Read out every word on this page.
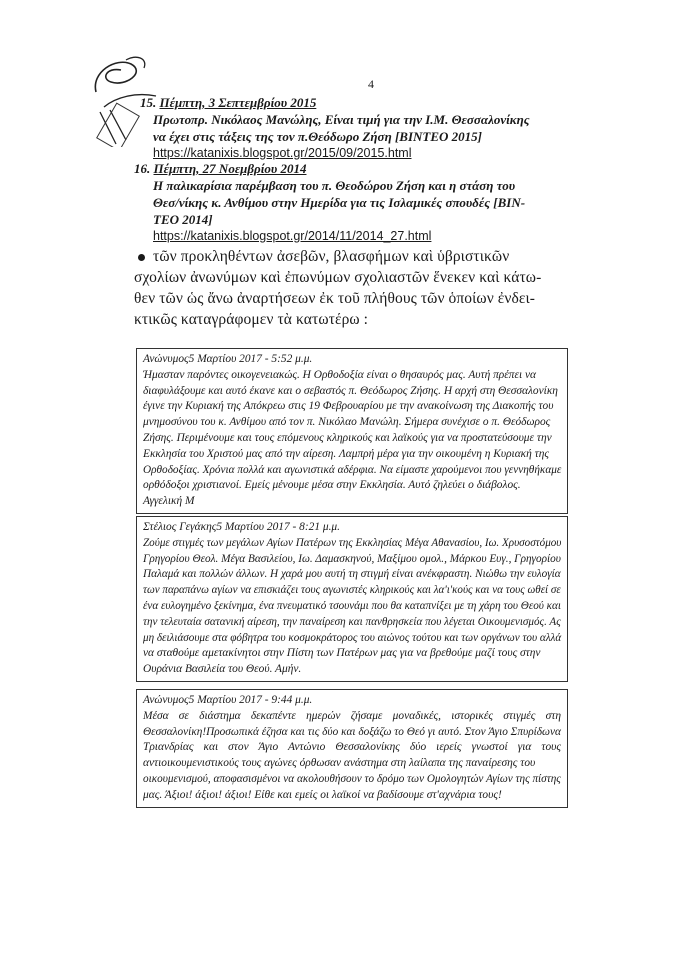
4
15. Πέμπτη, 3 Σεπτεμβρίου 2015
Πρωτοπρ. Νικόλαος Μανώλης, Είναι τιμή για την Ι.Μ. Θεσσαλονίκης
να έχει στις τάξεις της τον π.Θεόδωρο Ζήση [ΒΙΝΤΕΟ 2015]
https://katanixis.blogspot.gr/2015/09/2015.html
16. Πέμπτη, 27 Νοεμβρίου 2014
Η παλικαρίσια παρέμβαση του π. Θεοδώρου Ζήση και η στάση του
Θεσ/νίκης κ. Ανθίμου στην Ημερίδα για τις Ισλαμικές σπουδές [ΒΙΝ-
ΤΕΟ 2014]
https://katanixis.blogspot.gr/2014/11/2014_27.html
τῶν προκληθέντων ἀσεβῶν, βλασφήμων καὶ ὑβριστικῶν
σχολίων ἀνωνύμων καὶ ἐπωνύμων σχολιαστῶν ἕνεκεν καὶ κάτω-
θεν τῶν ὡς ἄνω ἀναρτήσεων ἐκ τοῦ πλήθους τῶν ὁποίων ἐνδει-
κτικῶς καταγράφομεν τὰ κατωτέρω :
Ανώνυμος5 Μαρτίου 2017 - 5:52 μ.μ.
Ήμασταν παρόντες οικογενειακώς. Η Ορθοδοξία είναι ο θησαυρός μας. Αυτή πρέπει να
διαφυλάξουμε και αυτό έκανε και ο σεβαστός π. Θεόδωρος Ζήσης. Η αρχή στη Θεσσαλονίκη
έγινε την Κυριακή της Απόκρεω στις 19 Φεβρουαρίου με την ανακοίνωση της Διακοπής του
μνημοσύνου του κ. Ανθίμου από τον π. Νικόλαο Μανώλη. Σήμερα συνέχισε ο π. Θεόδωρος
Ζήσης. Περιμένουμε και τους επόμενους κληρικούς και λαϊκούς για να προστατεύσουμε την
Εκκλησία του Χριστού μας από την αίρεση. Λαμπρή μέρα για την οικουμένη η Κυριακή της
Ορθοδοξίας. Χρόνια πολλά και αγωνιστικά αδέρφια. Να είμαστε χαρούμενοι που γεννηθήκαμε
ορθόδοξοι χριστιανοί. Εμείς μένουμε μέσα στην Εκκλησία. Αυτό ζηλεύει ο διάβολος.
Αγγελική Μ
Στέλιος Γεγάκης5 Μαρτίου 2017 - 8:21 μ.μ.
Ζούμε στιγμές των μεγάλων Αγίων Πατέρων της Εκκλησίας Μέγα Αθανασίου, Ιω. Χρυσοστόμου
Γρηγορίου Θεολ. Μέγα Βασιλείου, Ιω. Δαμασκηνού, Μαξίμου ομολ., Μάρκου Ευγ., Γρηγορίου
Παλαμά και πολλών άλλων. Η χαρά μου αυτή τη στιγμή είναι ανέκφραστη. Νιώθω την ευλογία
των παραπάνω αγίων να επισκιάζει τους αγωνιστές κληρικούς και λα'ι'κούς και να τους ωθεί σε
ένα ευλογημένο ξεκίνημα, ένα πνευματικό τσουνάμι που θα καταπνίξει με τη χάρη του Θεού και
την τελευταία σατανική αίρεση, την παναίρεση και πανθρησκεία που λέγεται Οικουμενισμός. Ας
μη δειλιάσουμε στα φόβητρα του κοσμοκράτορος του αιώνος τούτου και των οργάνων του αλλά
να σταθούμε αμετακίνητοι στην Πίστη των Πατέρων μας για να βρεθούμε μαζί τους στην
Ουράνια Βασιλεία του Θεού. Αμήν.
Ανώνυμος5 Μαρτίου 2017 - 9:44 μ.μ.
Μέσα σε διάστημα δεκαπέντε ημερών ζήσαμε μοναδικές, ιστορικές στιγμές στη
Θεσσαλονίκη!Προσωπικά έζησα και τις δύο και δοξάζω το Θεό γι αυτό. Στον Άγιο Σπυρίδωνα
Τριανδρίας και στον Άγιο Αντώνιο Θεσσαλονίκης δύο ιερείς γνωστοί για τους
αντιοικουμενιστικούς τους αγώνες όρθωσαν ανάστημα στη λαίλαπα της παναίρεσης του
οικουμενισμού, αποφασισμένοι να ακολουθήσουν το δρόμο των Ομολογητών Αγίων της πίστης
μας. Άξιοι! άξιοι! άξιοι! Είθε και εμείς οι λαϊκοί να βαδίσουμε στ'αχνάρια τους!
